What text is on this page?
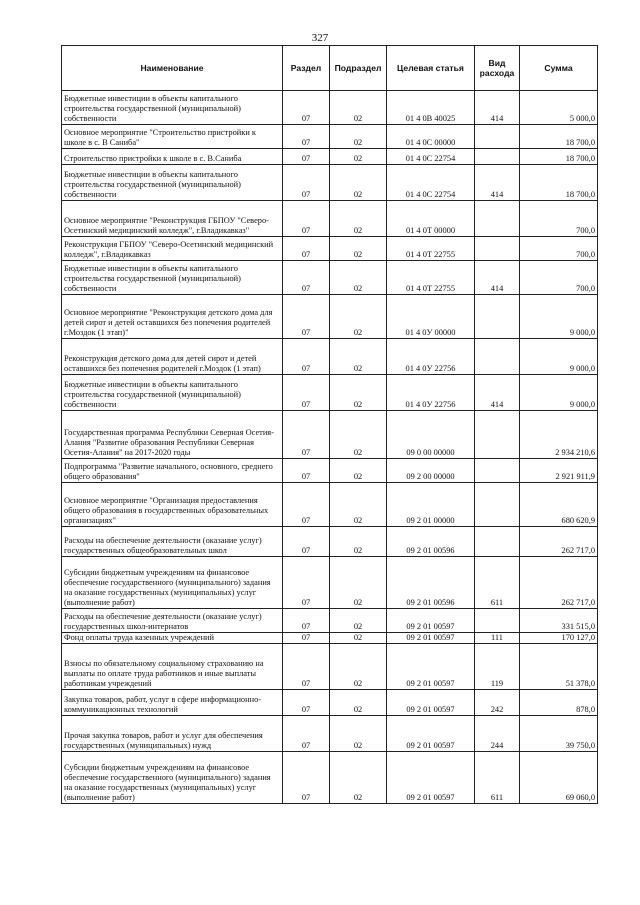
327
Наименование	Раздел	Подраздел	Целевая статья	Вид расхода	Сумма
Бюджетные инвестиции в объекты капитального строительства государственной (муниципальной) собственности	07	02	01 4 0В 40025	414	5 000,0
Основное мероприятие "Строительство пристройки к школе в с. В Саниба"	07	02	01 4 0С 00000		18 700,0
Строительство пристройки к школе в с. В.Саниба	07	02	01 4 0С 22754		18 700,0
Бюджетные инвестиции в объекты капитального строительства государственной (муниципальной) собственности	07	02	01 4 0С 22754	414	18 700,0
Основное мероприятие "Реконструкция ГБПОУ "Северо-Осетинский медицинский колледж", г.Владикавказ"	07	02	01 4 0Т 00000		700,0
Реконструкция ГБПОУ "Северо-Осетинский медицинский колледж", г.Владикавказ	07	02	01 4 0Т 22755		700,0
Бюджетные инвестиции в объекты капитального строительства государственной (муниципальной) собственности	07	02	01 4 0Т 22755	414	700,0
Основное мероприятие "Реконструкция детского дома для детей сирот и детей оставшихся без попечения родителей г.Моздок (1 этап)"	07	02	01 4 0У 00000		9 000,0
Реконструкция детского дома для детей сирот и детей оставшихся без попечения родителей г.Моздок (1 этап)	07	02	01 4 0У 22756		9 000,0
Бюджетные инвестиции в объекты капитального строительства государственной (муниципальной) собственности	07	02	01 4 0У 22756	414	9 000,0
Государственная программа Республики Северная Осетия-Алания "Развитие образования Республики Северная Осетия-Алания" на 2017-2020 годы	07	02	09 0 00 00000		2 934 210,6
Подпрограмма "Развитие начального, основного, среднего общего образования"	07	02	09 2 00 00000		2 921 911,9
Основное мероприятие "Организация предоставления общего образования в государственных образовательных организациях"	07	02	09 2 01 00000		680 620,9
Расходы на обеспечение деятельности (оказание услуг) государственных общеобразовательных школ	07	02	09 2 01 00596		262 717,0
Субсидии бюджетным учреждениям на финансовое обеспечение государственного (муниципального) задания на оказание государственных (муниципальных) услуг (выполнение работ)	07	02	09 2 01 00596	611	262 717,0
Расходы на обеспечение деятельности (оказание услуг) государственных школ-интернатов	07	02	09 2 01 00597		331 515,0
Фонд оплаты труда казенных учреждений	07	02	09 2 01 00597	111	170 127,0
Взносы по обязательному социальному страхованию на выплаты по оплате труда работников и иные выплаты работникам учреждений	07	02	09 2 01 00597	119	51 378,0
Закупка товаров, работ, услуг в сфере информационно-коммуникационных технологий	07	02	09 2 01 00597	242	878,0
Прочая закупка товаров, работ и услуг для обеспечения государственных (муниципальных) нужд	07	02	09 2 01 00597	244	39 750,0
Субсидии бюджетным учреждениям на финансовое обеспечение государственного (муниципального) задания на оказание государственных (муниципальных) услуг (выполнение работ)	07	02	09 2 01 00597	611	69 060,0
